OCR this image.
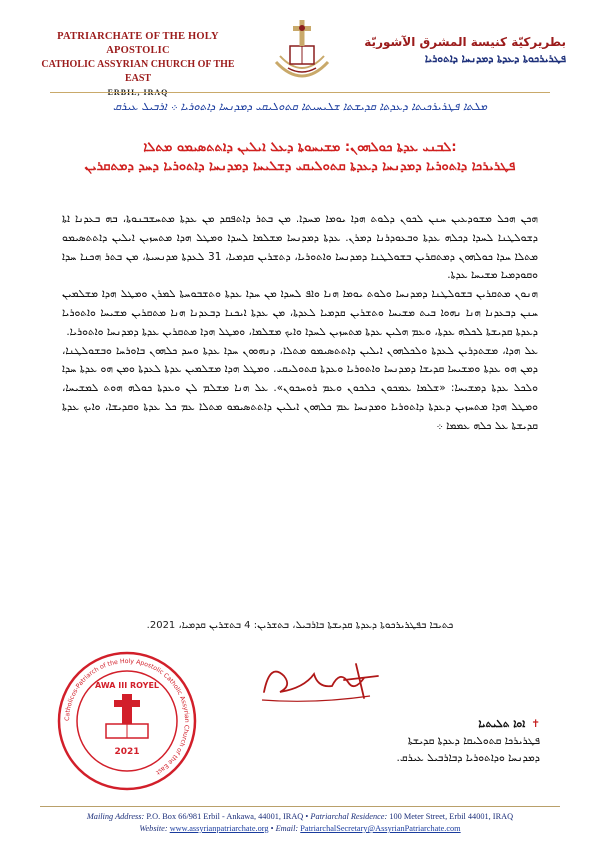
PATRIARCHATE OF THE HOLY APOSTOLIC
CATHOLIC ASSYRIAN CHURCH OF THE EAST
بطريركيّة كنيسة المشرق الآشوريّة
ܦܛܪܝܪܟܘܬܐ ܕܥܕܬܐ ܕܡܕܢܚܐ ܕܐܬܘܪܝܐ
ܡܠܬܐ ܦܛܪܝܪܟܝܬܐ ܕܥܕܬܐ ܩܕܝܫܬܐ ܫܠܝܚܝܬܐ ܩܬܘܠܝܩܝ ܕܡܕܢܚܐ ܕܐܬܘܪܝܐ ܀ ܐܪܒܝܠ ܥܝܪܩ
ܠܒܢܝ ܥܕܬܐ ܟܘܠܗܘܢ: ܡܫܝܚܘܬܐ ܕܥܠ ܐܝܠܝܢ ܕܐܬܬܣܝܡܘ ܡܬܠܐ:
ܦܛܪܝܪܟܐ ܕܐܬܘܪܝܐ ܕܡܕܢܚܐ ܕܥܕܬܐ ܩܬܘܠܝܩܝ ܕܫܠܝܚܐ ܕܡܕܢܚܐ ܕܐܬܘܪܝܐ ܕܚܕ ܕܡܬܩܪܝܢ

ܗܟܢ ܗܟܠ ܡܫܘܕܥܝܢ ܚܢܢ ܠܟܘܢ ܕܠܘܬ ܗܕܐ ܝܘܡܐ ܡܚܕܐ. ܡܢ ܒܬܪ ܕܐܬܦܩܕ ܡܢ ܥܕܬܐ ܡܬܚܫܒܢܘܬܐ، ܒܗ ܒܥܕܢܐ ܐܬܐ ܕܫܘܠܛܢܐ ܠܚܕܐ ܕܟܠܗ ܥܕܬܐ ܘܒܥܘܕܪܢܐ ܕܡܪܢ. ܥܕܬܐ ܕܡܕܢܚܐ ܡܫܠܡܐ ܠܚܕܐ ܘܡܛܠ ܗܕܐ ܡܬܚܙܝܢ ܐܝܠܝܢ ܕܐܬܬܣܝܡܘ ܡܬܠܐ ܚܕܐ ܟܘܠܗܘܢ ܕܡܬܩܪܝܢ ܒܫܘܠܛܢܐ ܕܡܕܢܚܐ ܘܐܬܘܪܝܐ، ܕܬܫܪܝܢ ܩܕܡܝܐ، 31 ܠܥܕܬܐ ܡܕܢܚܝܬܐ، ܡܢ ܒܬܪ ܗܟܢܐ ܚܕܐ ܘܩܘܕܡܝܐ ܡܫܝܚܐ ܥܕܬܐ.

ܗܢܘܢ ܡܬܩܪܝܢ ܒܫܘܠܛܢܐ ܕܡܕܢܚܐ ܘܠܘܬ ܝܘܡܐ ܗܢܐ ܘܐܦ ܠܚܕܐ ܡܢ ܚܕܐ ܥܕܬܐ ܘܬܫܒܘܚܬܐ ܠܡܪܢ ܘܡܛܠ ܗܕܐ ܡܫܠܡܝܢ ܚܢܢ ܕܒܥܕܢܐ ܗܢܐ ܢܗܘܐ ܒܝܬ ܡܫܝܚܐ ܘܬܫܪܝܢ ܩܕܡܝܐ ܠܥܕܬܐ، ܡܢ ܥܕܬܐ ܐܝܟܢܐ ܕܒܥܕܢܐ ܗܢܐ ܡܬܩܪܝܢ ܡܫܝܚܐ ܘܐܬܘܪܝܐ ܕܥܕܬܐ ܩܕܝܫܬܐ ܠܟܠܗ ܥܕܬܐ، ܘܥܡ ܗܠܝܢ ܥܕܬܐ ܡܬܚܙܝܢ ܠܚܕܐ ܘܐܝܟ ܡܫܠܡܐ، ܘܡܛܠ ܗܕܐ ܡܬܩܪܝܢ ܥܕܬܐ ܕܡܕܢܚܐ ܘܐܬܘܪܝܐ.

ܥܠ ܗܕܐ، ܡܫܬܕܪܝܢ ܠܥܕܬܐ ܘܠܟܠܗܘܢ ܐܝܠܝܢ ܕܐܬܬܣܝܡܘ ܡܬܠܐ، ܕܢܗܘܘܢ ܚܕܐ ܥܕܬܐ ܘܚܕ ܟܠܗܘܢ ܒܐܘܪܚܐ ܘܒܫܘܠܛܢܐ، ܕܡܢ ܗܘ ܥܕܬܐ ܘܡܫܝܚܐ ܩܕܝܫܐ ܕܡܕܢܚܐ ܘܐܬܘܪܝܐ ܘܥܕܬܐ ܩܬܘܠܝܩܝ. ܘܡܛܠ ܗܕܐ ܡܫܠܡܝܢ ܥܕܬܐ ܠܥܕܬܐ ܘܡܢ ܗܘ ܥܕܬܐ ܚܕܐ ܘܠܟܠ ܥܕܬܐ ܕܡܫܝܚܐ: «ܫܠܡܐ ܥܡܟܘܢ ܟܠܟܘܢ ܘܥܡ ܪܘܚܟܘܢ». ܥܠ ܗܢܐ ܡܫܠܡ ܠܢ ܘܥܕܬܐ ܟܘܠܗ ܗܘܬ ܠܡܫܝܚܐ، ܘܡܛܠ ܗܕܐ ܡܬܚܙܝܢ ܕܥܕܬܐ ܕܐܬܘܪܝܐ ܘܡܕܢܚܐ ܥܡ ܟܠܗܘܢ ܐܝܠܝܢ ܕܐܬܬܣܝܡܘ ܡܬܠܐ ܥܡ ܟܠ ܥܕܬܐ ܘܩܕܝܫܐ، ܘܐܝܟ ܥܕܬܐ ܩܕܝܫܬܐ ܥܠ ܟܠܗ ܥܡܡܐ ܀

ܟܬܝܒܐ ܒܦܛܪܝܪܟܘܬܐ ܕܥܕܬܐ ܩܕܝܫܬܐ ܒܐܪܒܝܠ، ܒܬܫܪܝܢ: 4 ܒܬܫܪܝܢ ܩܕܡܝܐ، 2021.
Catholicos-Patriarch of the Holy Apostolic Catholic Assyrian Church of the East
AWA III ROYEL
2021
✝ܐܘܐ ܬܠܝܬܝܐ
ܦܛܪܝܪܟܐ ܩܬܘܠܝܩܐ ܕܥܕܬܐ ܩܕܝܫܬܐ
ܕܡܕܢܚܐ ܘܕܐܬܘܪܝܐ ܕܒܐܪܒܝܠ ܥܝܪܩ.
Mailing Address: P.O. Box 66/981 Erbil - Ankawa, 44001, IRAQ • Patriarchal Residence: 100 Meter Street, Erbil 44001, IRAQ
Website: www.assyrianpatriarchate.org • Email: PatriarchalSecretary@AssyrianPatriarchate.com
